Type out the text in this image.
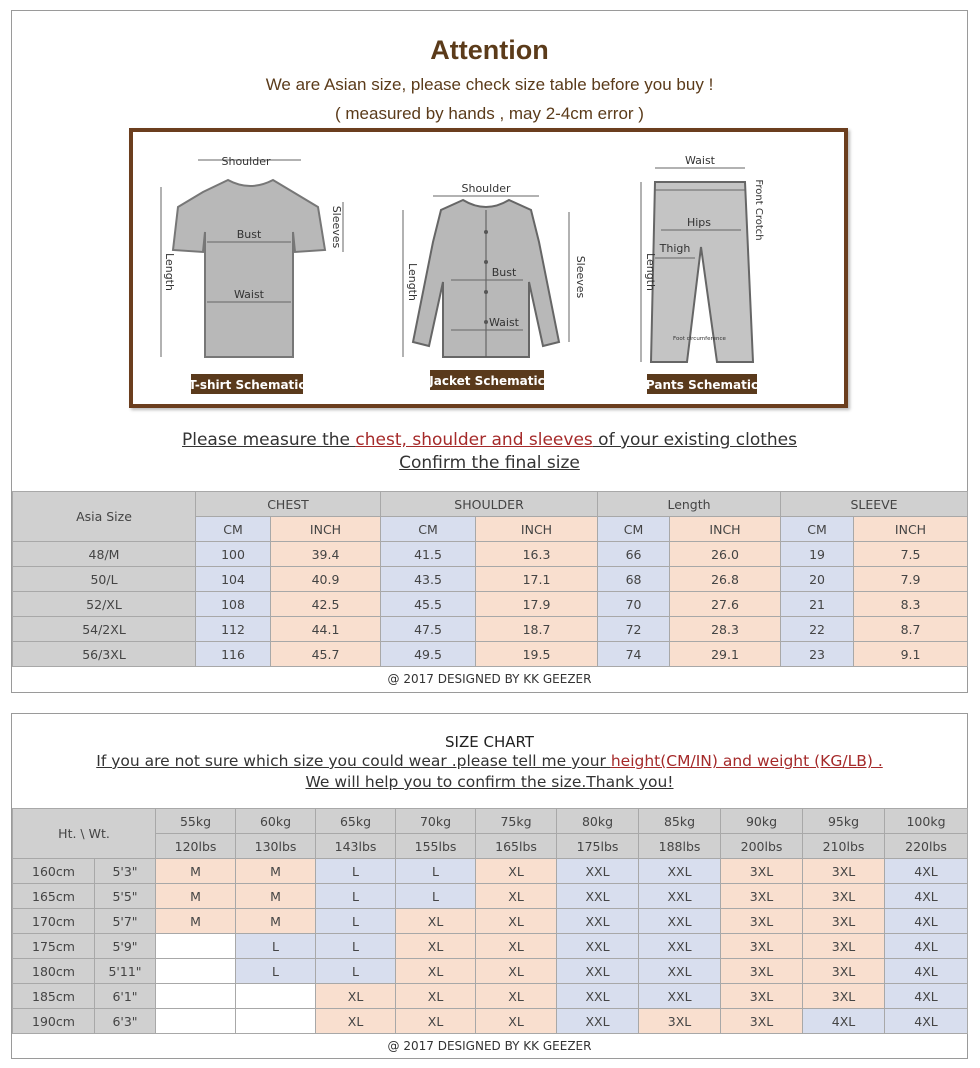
Attention
We are Asian size, please check size table before you buy !
( measured by hands , may 2-4cm error )
Shoulder
Bust
Waist
Length
Sleeves
T-shirt Schematic
Shoulder
Bust
Waist
Length	Sleeves
Jacket Schematic
Waist
Hips
Thigh
Length
Front Crotch
Foot circumference
Pants Schematic
Please measure the chest, shoulder and sleeves of your existing clothes
Confirm the final size
Asia Size	CHEST		SHOULDER		Length		SLEEVE	
	CM	INCH	CM	INCH	CM	INCH	CM	INCH
48/M	100	39.4	41.5	16.3	66	26.0	19	7.5
50/L	104	40.9	43.5	17.1	68	26.8	20	7.9
52/XL	108	42.5	45.5	17.9	70	27.6	21	8.3
54/2XL	112	44.1	47.5	18.7	72	28.3	22	8.7
56/3XL	116	45.7	49.5	19.5	74	29.1	23	9.1
@ 2017 DESIGNED BY KK GEEZER
SIZE CHART
If you are not sure which size you could wear .please tell me your height(CM/IN) and weight (KG/LB) .
We will help you to confirm the size.Thank you!
Ht. \ Wt.		55kg	60kg	65kg	70kg	75kg	80kg	85kg	90kg	95kg	100kg
		120lbs	130lbs	143lbs	155lbs	165lbs	175lbs	188lbs	200lbs	210lbs	220lbs
160cm	5'3"	M	M	L	L	XL	XXL	XXL	3XL	3XL	4XL
165cm	5'5"	M	M	L	L	XL	XXL	XXL	3XL	3XL	4XL
170cm	5'7"	M	M	L	XL	XL	XXL	XXL	3XL	3XL	4XL
175cm	5'9"		L	L	XL	XL	XXL	XXL	3XL	3XL	4XL
180cm	5'11"		L	L	XL	XL	XXL	XXL	3XL	3XL	4XL
185cm	6'1"			XL	XL	XL	XXL	XXL	3XL	3XL	4XL
190cm	6'3"			XL	XL	XL	XXL	3XL	3XL	4XL	4XL
@ 2017 DESIGNED BY KK GEEZER
